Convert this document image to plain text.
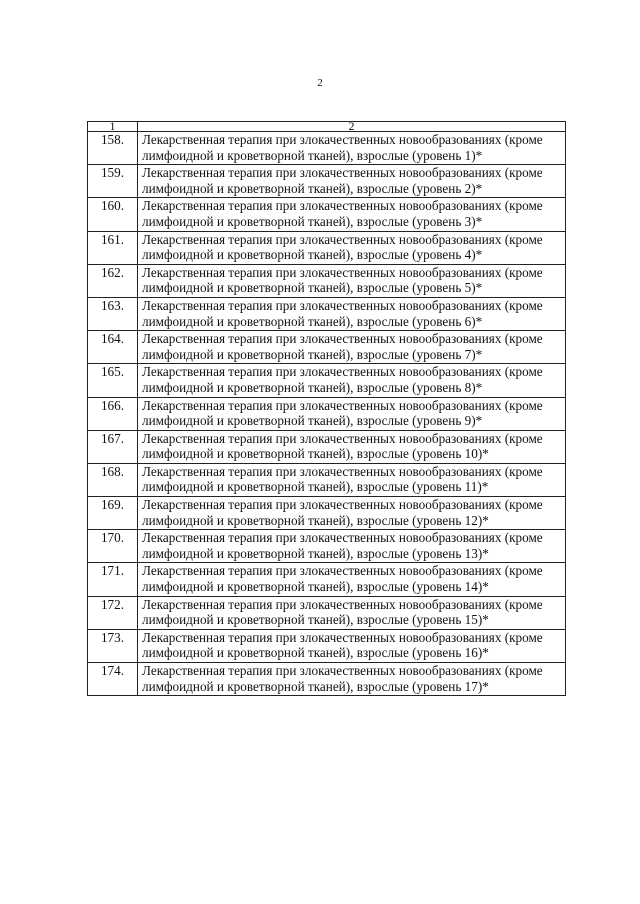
2
1	2
158.	Лекарственная терапия при злокачественных новообразованиях (кроме лимфоидной и кроветворной тканей), взрослые (уровень 1)*
159.	Лекарственная терапия при злокачественных новообразованиях (кроме лимфоидной и кроветворной тканей), взрослые (уровень 2)*
160.	Лекарственная терапия при злокачественных новообразованиях (кроме лимфоидной и кроветворной тканей), взрослые (уровень 3)*
161.	Лекарственная терапия при злокачественных новообразованиях (кроме лимфоидной и кроветворной тканей), взрослые (уровень 4)*
162.	Лекарственная терапия при злокачественных новообразованиях (кроме лимфоидной и кроветворной тканей), взрослые (уровень 5)*
163.	Лекарственная терапия при злокачественных новообразованиях (кроме лимфоидной и кроветворной тканей), взрослые (уровень 6)*
164.	Лекарственная терапия при злокачественных новообразованиях (кроме лимфоидной и кроветворной тканей), взрослые (уровень 7)*
165.	Лекарственная терапия при злокачественных новообразованиях (кроме лимфоидной и кроветворной тканей), взрослые (уровень 8)*
166.	Лекарственная терапия при злокачественных новообразованиях (кроме лимфоидной и кроветворной тканей), взрослые (уровень 9)*
167.	Лекарственная терапия при злокачественных новообразованиях (кроме лимфоидной и кроветворной тканей), взрослые (уровень 10)*
168.	Лекарственная терапия при злокачественных новообразованиях (кроме лимфоидной и кроветворной тканей), взрослые (уровень 11)*
169.	Лекарственная терапия при злокачественных новообразованиях (кроме лимфоидной и кроветворной тканей), взрослые (уровень 12)*
170.	Лекарственная терапия при злокачественных новообразованиях (кроме лимфоидной и кроветворной тканей), взрослые (уровень 13)*
171.	Лекарственная терапия при злокачественных новообразованиях (кроме лимфоидной и кроветворной тканей), взрослые (уровень 14)*
172.	Лекарственная терапия при злокачественных новообразованиях (кроме лимфоидной и кроветворной тканей), взрослые (уровень 15)*
173.	Лекарственная терапия при злокачественных новообразованиях (кроме лимфоидной и кроветворной тканей), взрослые (уровень 16)*
174.	Лекарственная терапия при злокачественных новообразованиях (кроме лимфоидной и кроветворной тканей), взрослые (уровень 17)*
